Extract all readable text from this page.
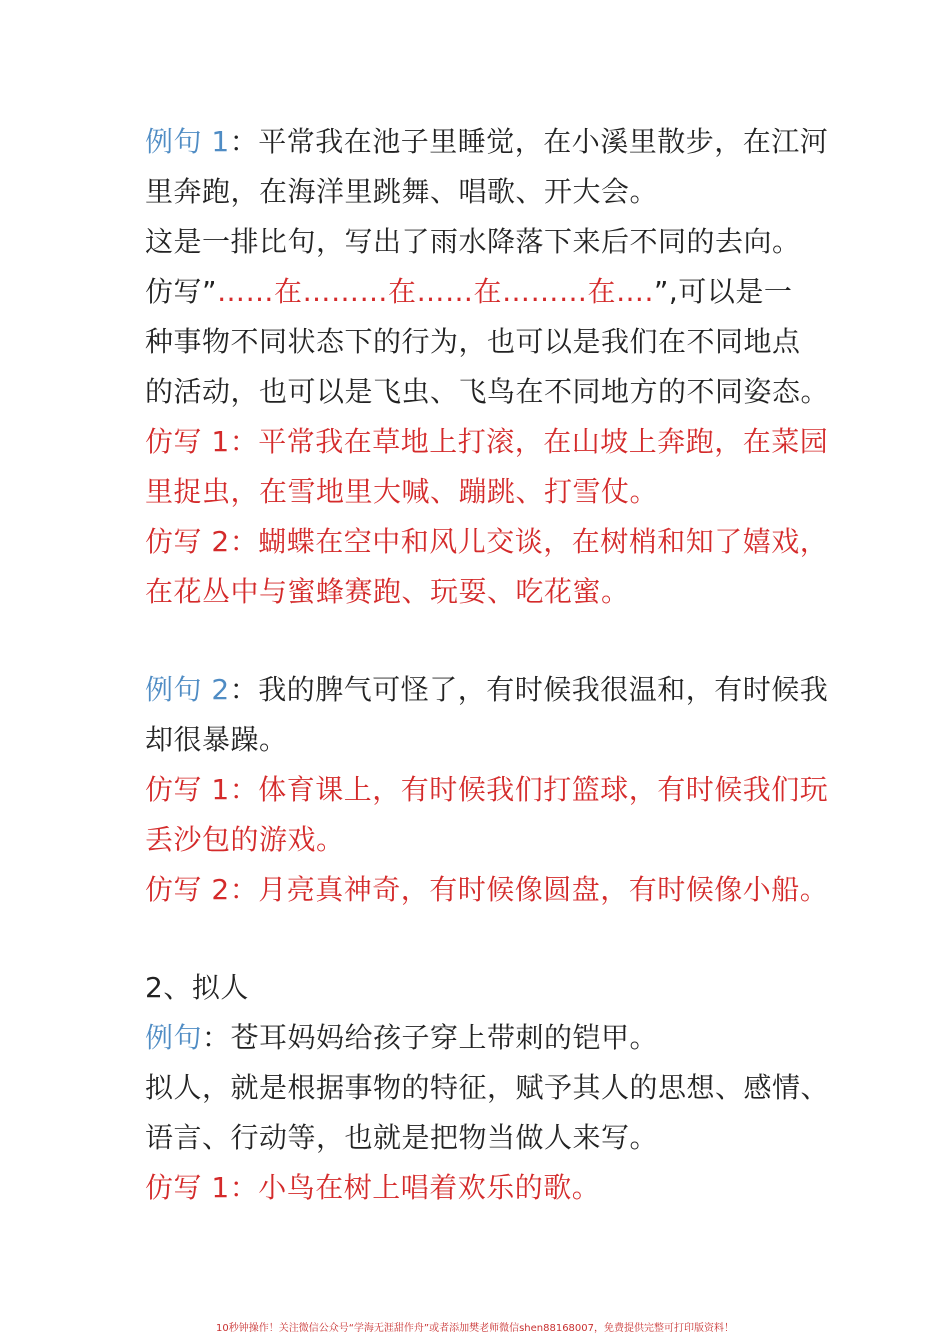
例句 1：平常我在池子里睡觉，在小溪里散步，在江河
里奔跑，在海洋里跳舞、唱歌、开大会。
这是一排比句，写出了雨水降落下来后不同的去向。
仿写”……在………在……在………在….”,可以是一
种事物不同状态下的行为，也可以是我们在不同地点
的活动，也可以是飞虫、飞鸟在不同地方的不同姿态。
仿写 1：平常我在草地上打滚，在山坡上奔跑，在菜园
里捉虫，在雪地里大喊、蹦跳、打雪仗。
仿写 2：蝴蝶在空中和风儿交谈，在树梢和知了嬉戏，
在花丛中与蜜蜂赛跑、玩耍、吃花蜜。
例句 2：我的脾气可怪了，有时候我很温和，有时候我
却很暴躁。
仿写 1：体育课上，有时候我们打篮球，有时候我们玩
丢沙包的游戏。
仿写 2：月亮真神奇，有时候像圆盘，有时候像小船。
2、拟人
例句：苍耳妈妈给孩子穿上带刺的铠甲。
拟人，就是根据事物的特征，赋予其人的思想、感情、
语言、行动等，也就是把物当做人来写。
仿写 1：小鸟在树上唱着欢乐的歌。
10秒钟操作！关注微信公众号“学海无涯甜作舟”或者添加樊老师微信shen88168007，免费提供完整可打印版资料！
